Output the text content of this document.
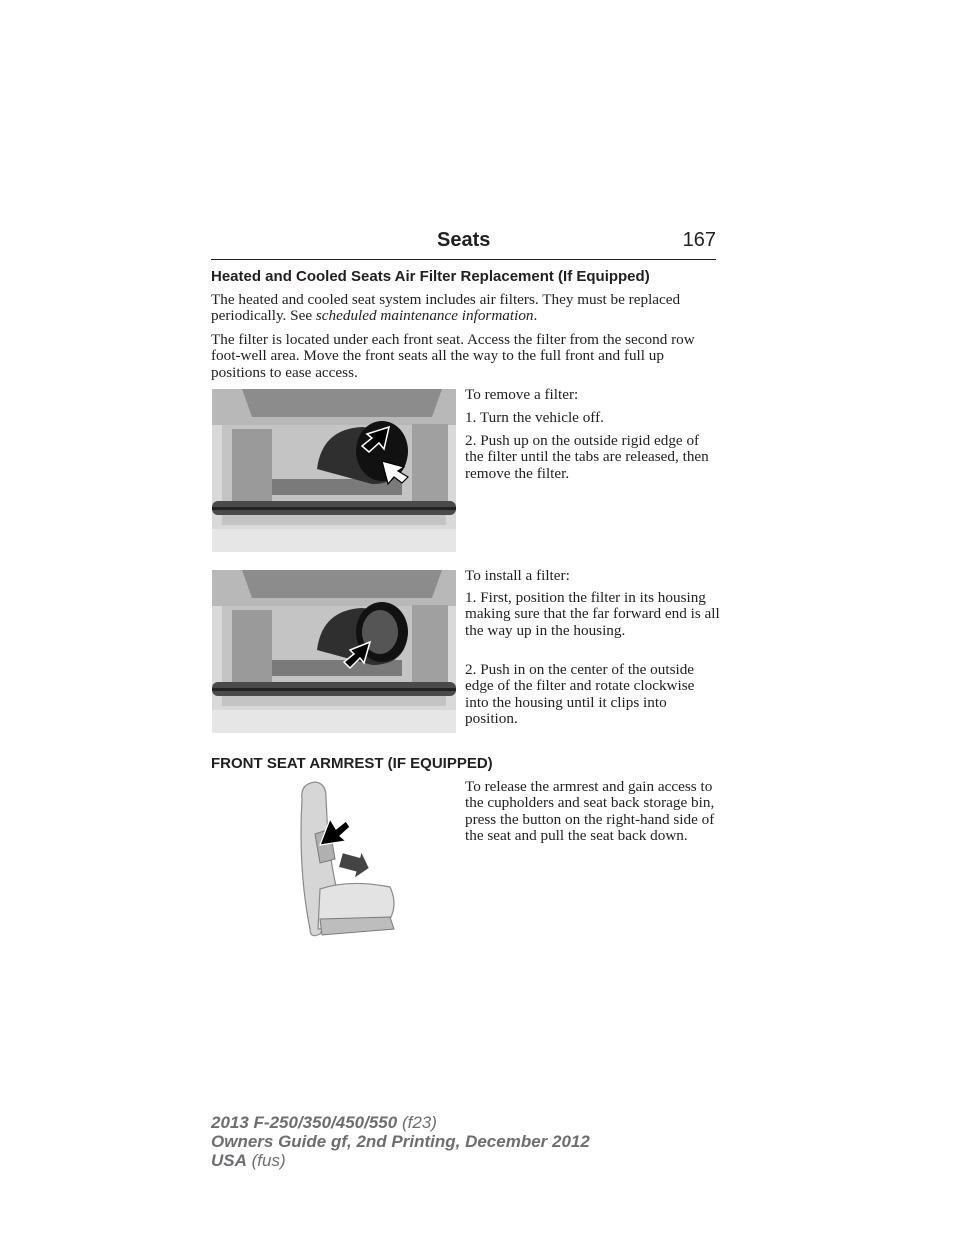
Seats	167
Heated and Cooled Seats Air Filter Replacement (If Equipped)
The heated and cooled seat system includes air filters. They must be replaced periodically. See scheduled maintenance information.
The filter is located under each front seat. Access the filter from the second row foot-well area. Move the front seats all the way to the full front and full up positions to ease access.
To remove a filter:
1. Turn the vehicle off.
2. Push up on the outside rigid edge of the filter until the tabs are released, then remove the filter.
To install a filter:
1. First, position the filter in its housing making sure that the far forward end is all the way up in the housing.
2. Push in on the center of the outside edge of the filter and rotate clockwise into the housing until it clips into position.
FRONT SEAT ARMREST (IF EQUIPPED)
To release the armrest and gain access to the cupholders and seat back storage bin, press the button on the right-hand side of the seat and pull the seat back down.
2013 F-250/350/450/550 (f23)
Owners Guide gf, 2nd Printing, December 2012
USA (fus)
